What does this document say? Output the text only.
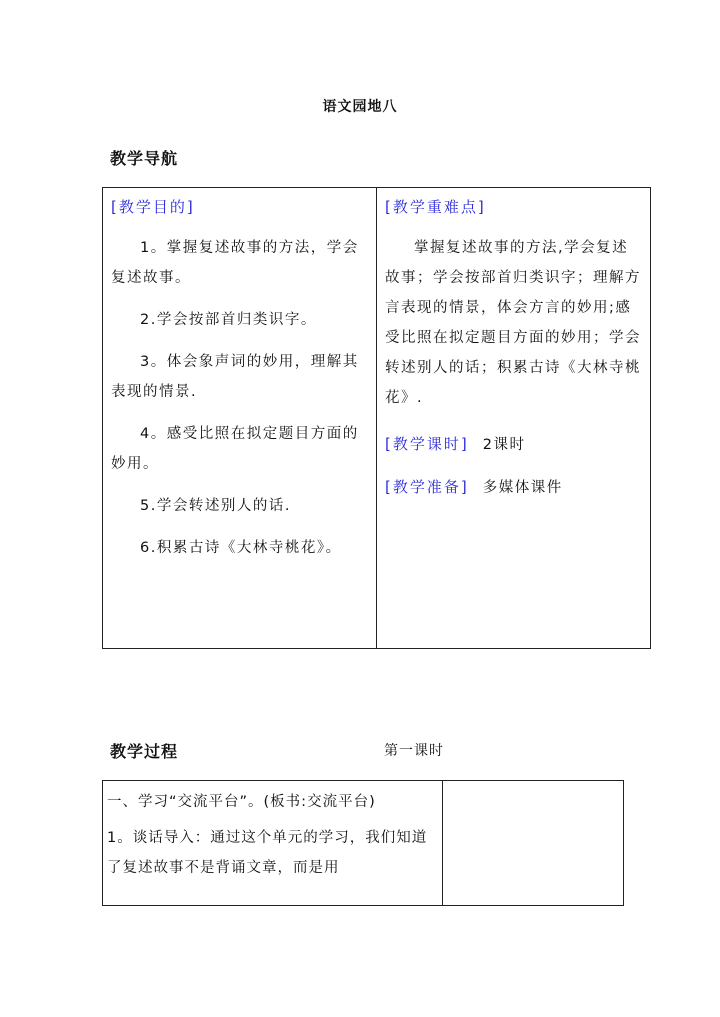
语文园地八
教学导航
[教学目的]

1。掌握复述故事的方法，学会复述故事。

2.学会按部首归类识字。

3。体会象声词的妙用，理解其表现的情景.

4。感受比照在拟定题目方面的妙用。

5.学会转述别人的话.

6.积累古诗《大林寺桃花》。

[教学重难点]

掌握复述故事的方法,学会复述故事；学会按部首归类识字；理解方言表现的情景，体会方言的妙用;感受比照在拟定题目方面的妙用；学会转述别人的话；积累古诗《大林寺桃花》.

[教学课时] 2课时

[教学准备] 多媒体课件

教学过程	第一课时

一、学习“交流平台”。(板书:交流平台)

1。谈话导入：通过这个单元的学习，我们知道了复述故事不是背诵文章，而是用
